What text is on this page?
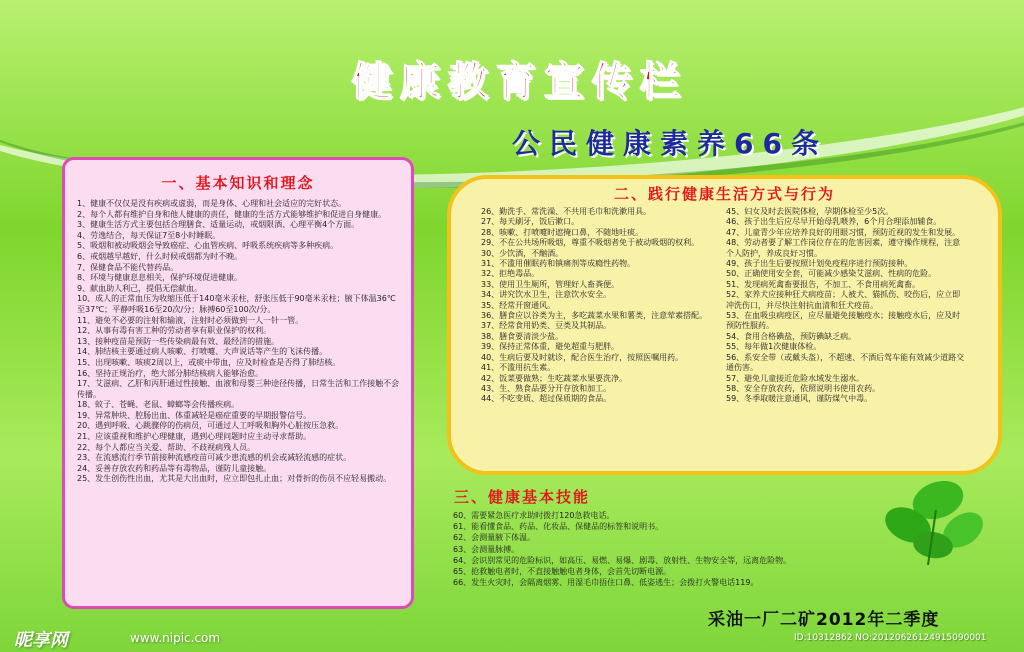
健康教育宣传栏
公民健康素养66条
一、基本知识和理念

1、健康不仅仅是没有疾病或虚弱，而是身体、心理和社会适应的完好状态。

2、每个人都有维护自身和他人健康的责任，健康的生活方式能够维护和促进自身健康。

3、健康生活方式主要包括合理膳食、适量运动，戒烟限酒、心理平衡4个方面。

4、劳逸结合，每天保证7至8小时睡眠。

5、吸烟和被动吸烟会导致癌症、心血管疾病、呼吸系统疾病等多种疾病。

6、戒烟越早越好，什么时候戒烟都为时不晚。

7、保健食品不能代替药品。

8、环境与健康息息相关，保护环境促进健康。

9、献血助人利己，提倡无偿献血。

10、成人的正常血压为收缩压低于140毫米汞柱，舒张压低于90毫米汞柱；腋下体温36℃至37℃；平静呼吸16至20次/分；脉搏60至100次/分。

11、避免不必要的注射和输液，注射时必须做到一人一针一管。

12、从事有毒有害工种的劳动者享有职业保护的权利。

13、接种疫苗是预防一些传染病最有效、最经济的措施。

14、肺结核主要通过病人咳嗽、打喷嚏、大声说话等产生的飞沫传播。

15、出现咳嗽、咳痰2周以上，或痰中带血，应及时检查是否得了肺结核。

16、坚持正规治疗，绝大部分肺结核病人能够治愈。

17、艾滋病、乙肝和丙肝通过性接触、血液和母婴三种途径传播，日常生活和工作接触不会传播。

18、蚊子、苍蝇、老鼠、蟑螂等会传播疾病。

19、异常肿块、腔肠出血、体重减轻是癌症重要的早期报警信号。

20、遇到呼吸、心跳骤停的伤病员，可通过人工呼吸和胸外心脏按压急救。

21、应该重视和维护心理健康，遇到心理问题时应主动寻求帮助。

22、每个人都应当关爱、帮助、不歧视病残人员。

23、在流感流行季节前接种流感疫苗可减少患流感的机会或减轻流感的症状。

24、妥善存放农药和药品等有毒物品，谨防儿童接触。

25、发生创伤性出血，尤其是大出血时，应立即包扎止血；对骨折的伤员不应轻易搬动。

二、践行健康生活方式与行为

26、勤洗手、常洗澡、不共用毛巾和洗漱用具。

27、每天刷牙，饭后漱口。

28、咳嗽、打喷嚏时遮掩口鼻，不随地吐痰。

29、不在公共场所吸烟，尊重不吸烟者免于被动吸烟的权利。

30、少饮酒，不酗酒。

31、不滥用催眠药和镇痛剂等成瘾性药物。

32、拒绝毒品。

33、使用卫生厕所，管理好人畜粪便。

34、讲究饮水卫生，注意饮水安全。

35、经常开窗通风。

36、膳食应以谷类为主，多吃蔬菜水果和薯类，注意荤素搭配。

37、经常食用奶类、豆类及其制品。

38、膳食要清淡少盐。

39、保持正常体重，避免超重与肥胖。

40、生病后要及时就诊，配合医生治疗，按照医嘱用药。

41、不滥用抗生素。

42、饭菜要做熟；生吃蔬菜水果要洗净。

43、生、熟食品要分开存放和加工。

44、不吃变质、超过保质期的食品。

45、妇女及时去医院体检，孕期体检至少5次。

46、孩子出生后应尽早开始母乳喂养，6个月合理添加辅食。

47、儿童青少年应培养良好的用眼习惯，预防近视的发生和发展。

48、劳动者要了解工作岗位存在的危害因素，遵守操作规程，注意个人防护，养成良好习惯。

49、孩子出生后要按照计划免疫程序进行预防接种。

50、正确使用安全套，可能减少感染艾滋病、性病的危险。

51、发现病死禽畜要报告，不加工、不食用病死禽畜。

52、家养犬应接种狂犬病疫苗；人被犬、猫抓伤、咬伤后，应立即冲洗伤口，并尽快注射抗血清和狂犬疫苗。

53、在血吸虫病疫区，应尽量避免接触疫水；接触疫水后，应及时预防性服药。

54、食用合格碘盐，预防碘缺乏病。

55、每年做1次健康体检。

56、系安全带（或戴头盔），不超速、不酒后驾车能有效减少道路交通伤害。

57、避免儿童接近危险水域发生溺水。

58、安全存放农药，依照说明书使用农药。

59、冬季取暖注意通风，谨防煤气中毒。

三、健康基本技能

60、需要紧急医疗求助时拨打120急救电话。

61、能看懂食品、药品、化妆品、保健品的标签和说明书。

62、会测量腋下体温。

63、会测量脉搏。

64、会识别常见的危险标识，如高压、易燃、易爆、剧毒、放射性、生物安全等，远离危险物。

65、抢救触电者时，不直接触触电者身体，会首先切断电源。

66、发生火灾时，会隔离烟雾、用湿毛巾捂住口鼻、低姿逃生；会拨打火警电话119。

采油一厂二矿2012年二季度
昵享网	www.nipic.com	ID:10312862 NO:20120626124915090001
